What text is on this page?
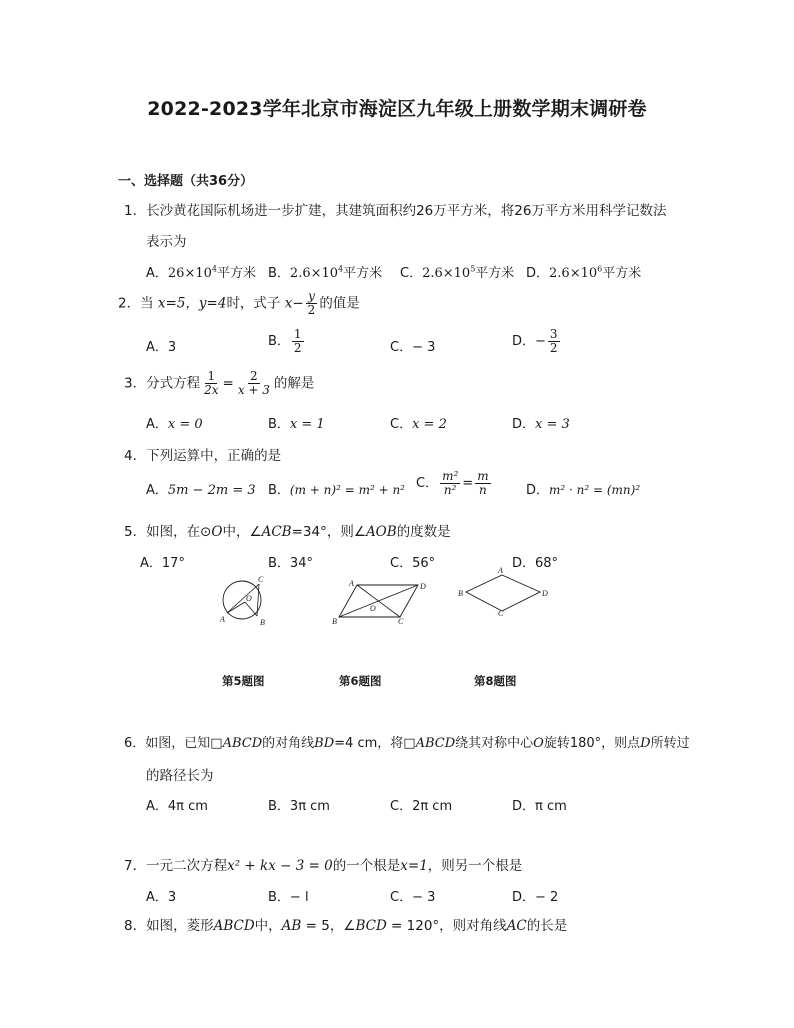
2022-2023学年北京市海淀区九年级上册数学期末调研卷
一、选择题（共36分）
1．长沙黄花国际机场进一步扩建，其建筑面积约26万平方米，将26万平方米用科学记数法
表示为
A．$26\times 10^4$平方米 B．$2.6\times 10^4$平方米 C．$2.6\times 10^5$平方米 D．$2.6\times 10^6$平方米
2．当 x=5，y=4时，式子 $x- \frac{y}{2}$ 的值是
A．3	B． $\frac{1}{2}$	C．− 3	D．− $\frac{3}{2}$
3．分式方程 $\frac{1}{2x} = \frac{2}{x + 3}$ 的解是
A．x = 0	B．x = 1	C．x = 2	D．x = 3
4．下列运算中，正确的是
A．5m − 2m = 3 B．(m + n)² = m² + n² C． $\frac{\text{m²}}{\text{n²}} = \frac{m}{n}$	D．m² · n² = (mn)²
5．如图，在⊙O中，∠ACB=34°，则∠AOB的度数是
A．17°	B．34°	C．56°	D．68°
C
A	B
O
A	D
B	C
O
A
D
B
C
第5题图	第6题图	第8题图
6．如图，已知□ABCD的对角线BD=4 cm，将□ABCD绕其对称中心O旋转180°，则点D所转过
的路径长为
A．4π cm	B．3π cm	C．2π cm	D．π cm
7．一元二次方程x² + kx − 3 = 0的一个根是x=1，则另一个根是
A．3	B．− l	C．− 3	D．− 2
8．如图，菱形ABCD中，AB = 5，∠BCD = 120°，则对角线AC的长是
